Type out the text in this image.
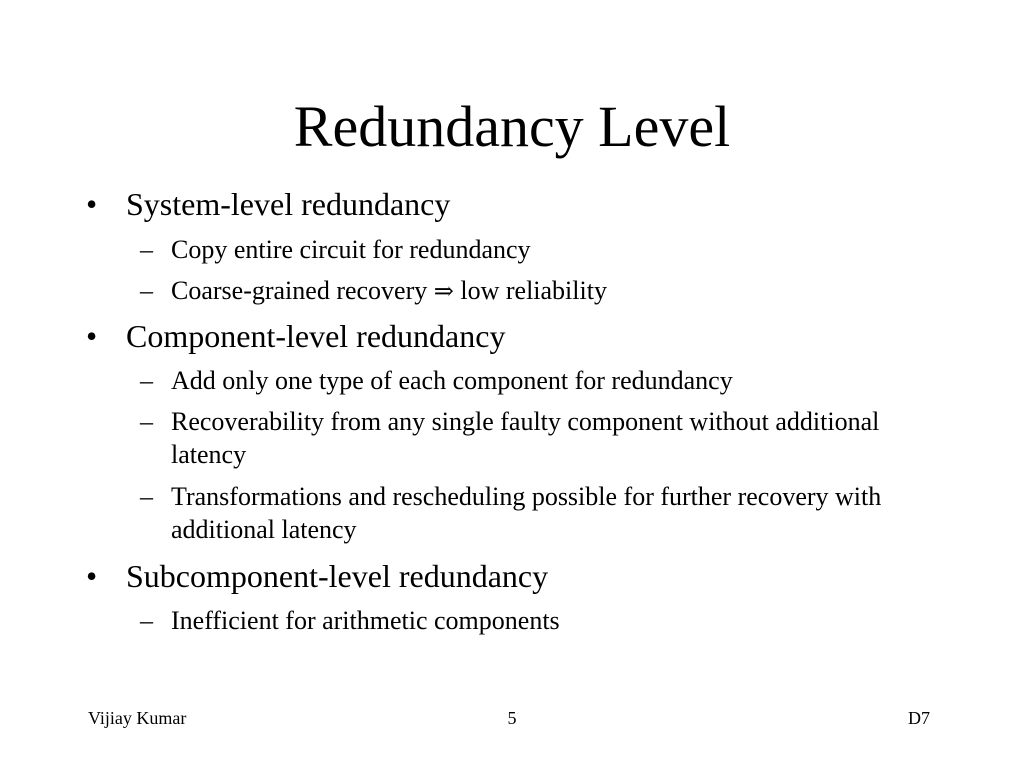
Redundancy Level
• System-level redundancy
– Copy entire circuit for redundancy
– Coarse-grained recovery ⇒ low reliability
• Component-level redundancy
– Add only one type of each component for redundancy
– Recoverability from any single faulty component without additional latency
– Transformations and rescheduling possible for further recovery with additional latency
• Subcomponent-level redundancy
– Inefficient for arithmetic components
Vijiay Kumar	5	D7
